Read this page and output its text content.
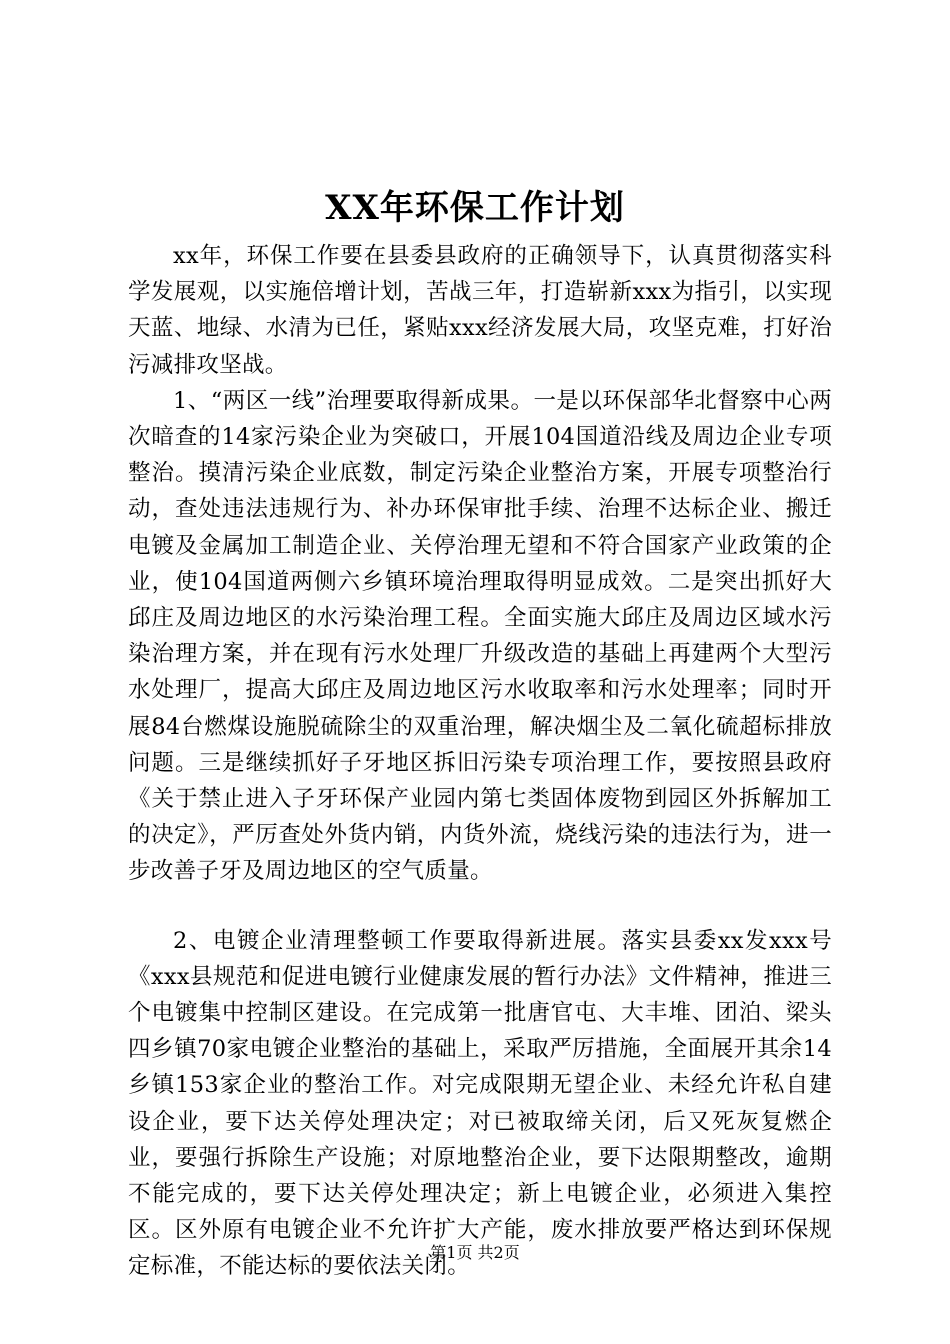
XX年环保工作计划

xx年，环保工作要在县委县政府的正确领导下，认真贯彻落实科学发展观，以实施倍增计划，苦战三年，打造崭新xxx为指引，以实现天蓝、地绿、水清为已任，紧贴xxx经济发展大局，攻坚克难，打好治污减排攻坚战。

1、“两区一线”治理要取得新成果。一是以环保部华北督察中心两次暗查的14家污染企业为突破口，开展104国道沿线及周边企业专项整治。摸清污染企业底数，制定污染企业整治方案，开展专项整治行动，查处违法违规行为、补办环保审批手续、治理不达标企业、搬迁电镀及金属加工制造企业、关停治理无望和不符合国家产业政策的企业，使104国道两侧六乡镇环境治理取得明显成效。二是突出抓好大邱庄及周边地区的水污染治理工程。全面实施大邱庄及周边区域水污染治理方案，并在现有污水处理厂升级改造的基础上再建两个大型污水处理厂，提高大邱庄及周边地区污水收取率和污水处理率；同时开展84台燃煤设施脱硫除尘的双重治理，解决烟尘及二氧化硫超标排放问题。三是继续抓好子牙地区拆旧污染专项治理工作，要按照县政府《关于禁止进入子牙环保产业园内第七类固体废物到园区外拆解加工的决定》，严厉查处外货内销，内货外流，烧线污染的违法行为，进一步改善子牙及周边地区的空气质量。

2、电镀企业清理整顿工作要取得新进展。落实县委xx发xxx号《xxx县规范和促进电镀行业健康发展的暂行办法》文件精神，推进三个电镀集中控制区建设。在完成第一批唐官屯、大丰堆、团泊、梁头四乡镇70家电镀企业整治的基础上，采取严厉措施，全面展开其余14乡镇153家企业的整治工作。对完成限期无望企业、未经允许私自建设企业，要下达关停处理决定；对已被取缔关闭，后又死灰复燃企业，要强行拆除生产设施；对原地整治企业，要下达限期整改，逾期不能完成的，要下达关停处理决定；新上电镀企业，必须进入集控区。区外原有电镀企业不允许扩大产能，废水排放要严格达到环保规定标准，不能达标的要依法关闭。

第1页 共2页
